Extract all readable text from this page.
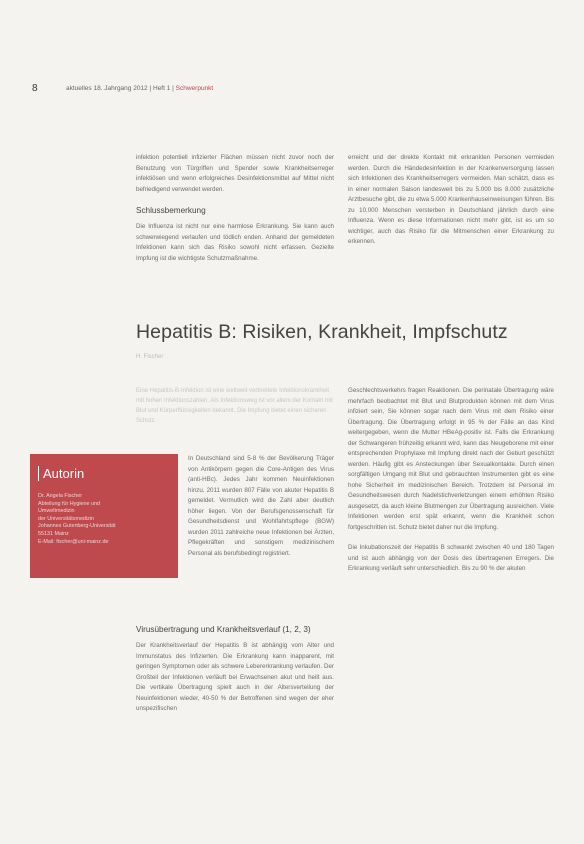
8	aktuelles 18. Jahrgang 2012 | Heft 1 | Schwerpunkt

infektion potentiell infizierter Flächen müssen nicht zuvor noch der Benutzung von Türgriffen und Spender sowie Krankheitserreger infektiösen und wenn erfolgreiches Desinfektionsmittel auf Mittel nicht befriedigend verwendet werden.

Schlussbemerkung

Die Influenza ist nicht nur eine harmlose Erkrankung. Sie kann auch schwerwiegend verlaufen und tödlich enden. Anhand der gemeldeten Infektionen kann sich das Risiko sowohl nicht erfassen. Gezielte Impfung ist die wichtigste Schutzmaßnahme.

erreicht und der direkte Kontakt mit erkrankten Personen vermieden werden. Durch die Händedesinfektion in der Krankenversorgung lassen sich Infektionen des Krankheitserregers vermeiden. Man schätzt, dass es in einer normalen Saison landesweit bis zu 5.000 bis 8.000 zusätzliche Arztbesuche gibt, die zu etwa 5.000 Krankenhauseinweisungen führen. Bis zu 10.000 Menschen versterben in Deutschland jährlich durch eine Influenza. Wenn es diese Informationen nicht mehr gibt, ist es um so wichtiger, auch das Risiko für die Mitmenschen einer Erkrankung zu erkennen.

Hepatitis B: Risiken, Krankheit, Impfschutz
H. Fischer
Eine Hepatitis-B-Infektion ist eine weltweit verbreitete Infektionskrankheit mit hohen Infektionszahlen. Als Infektionsweg ist vor allem der Kontakt mit Blut und Körperflüssigkeiten bekannt. Die Impfung bietet einen sicheren Schutz.
Autorin
Dr. Angela Fischer
Abteilung für Hygiene und
Umweltmedizin
der Universitätsmedizin
Johannes Gutenberg-Universität
55131 Mainz
E-Mail: fischer@uni-mainz.de

In Deutschland sind 5-8 % der Bevölkerung Träger von Antikörpern gegen die Core-Antigen des Virus (anti-HBc). Jedes Jahr kommen Neuinfektionen hinzu. 2011 wurden 807 Fälle von akuter Hepatitis B gemeldet. Vermutlich wird die Zahl aber deutlich höher liegen. Von der Berufsgenossenschaft für Gesundheitsdienst und Wohlfahrtspflege (BGW) wurden 2011 zahlreiche neue Infektionen bei Ärzten, Pflegekräften und sonstigem medizinischem Personal als berufsbedingt registriert.

Virusübertragung und Krankheitsverlauf (1, 2, 3)

Der Krankheitsverlauf der Hepatitis B ist abhängig vom Alter und Immunstatus des Infizierten. Die Erkrankung kann inapparent, mit geringen Symptomen oder als schwere Lebererkrankung verlaufen. Der Großteil der Infektionen verläuft bei Erwachsenen akut und heilt aus. Die vertikale Übertragung spielt auch in der Altersverteilung der Neuinfektionen wieder, 40-50 % der Betroffenen sind wegen der eher unspezifischen

Geschlechtsverkehrs fragen Reaktionen. Die perinatale Übertragung wäre mehrfach beobachtet mit Blut und Blutprodukten können mit dem Virus infiziert sein, Sie können sogar nach dem Virus mit dem Risiko einer Übertragung. Die Übertragung erfolgt in 95 % der Fälle an das Kind weitergegeben, wenn die Mutter HBeAg-positiv ist. Falls die Erkrankung der Schwangeren frühzeitig erkannt wird, kann das Neugeborene mit einer entsprechenden Prophylaxe mit Impfung direkt nach der Geburt geschützt werden. Häufig gibt es Ansteckungen über Sexualkontakte. Durch einen sorgfältigen Umgang mit Blut und gebrauchten Instrumenten gibt es eine hohe Sicherheit im medizinischen Bereich. Trotzdem ist Personal im Gesundheitswesen durch Nadelstichverletzungen einem erhöhten Risiko ausgesetzt, da auch kleine Blutmengen zur Übertragung ausreichen. Viele Infektionen werden erst spät erkannt, wenn die Krankheit schon fortgeschritten ist. Schutz bietet daher nur die Impfung.

Die Inkubationszeit der Hepatitis B schwankt zwischen 40 und 180 Tagen und ist auch abhängig von der Dosis des übertragenen Erregers. Die Erkrankung verläuft sehr unterschiedlich. Bis zu 90 % der akuten
